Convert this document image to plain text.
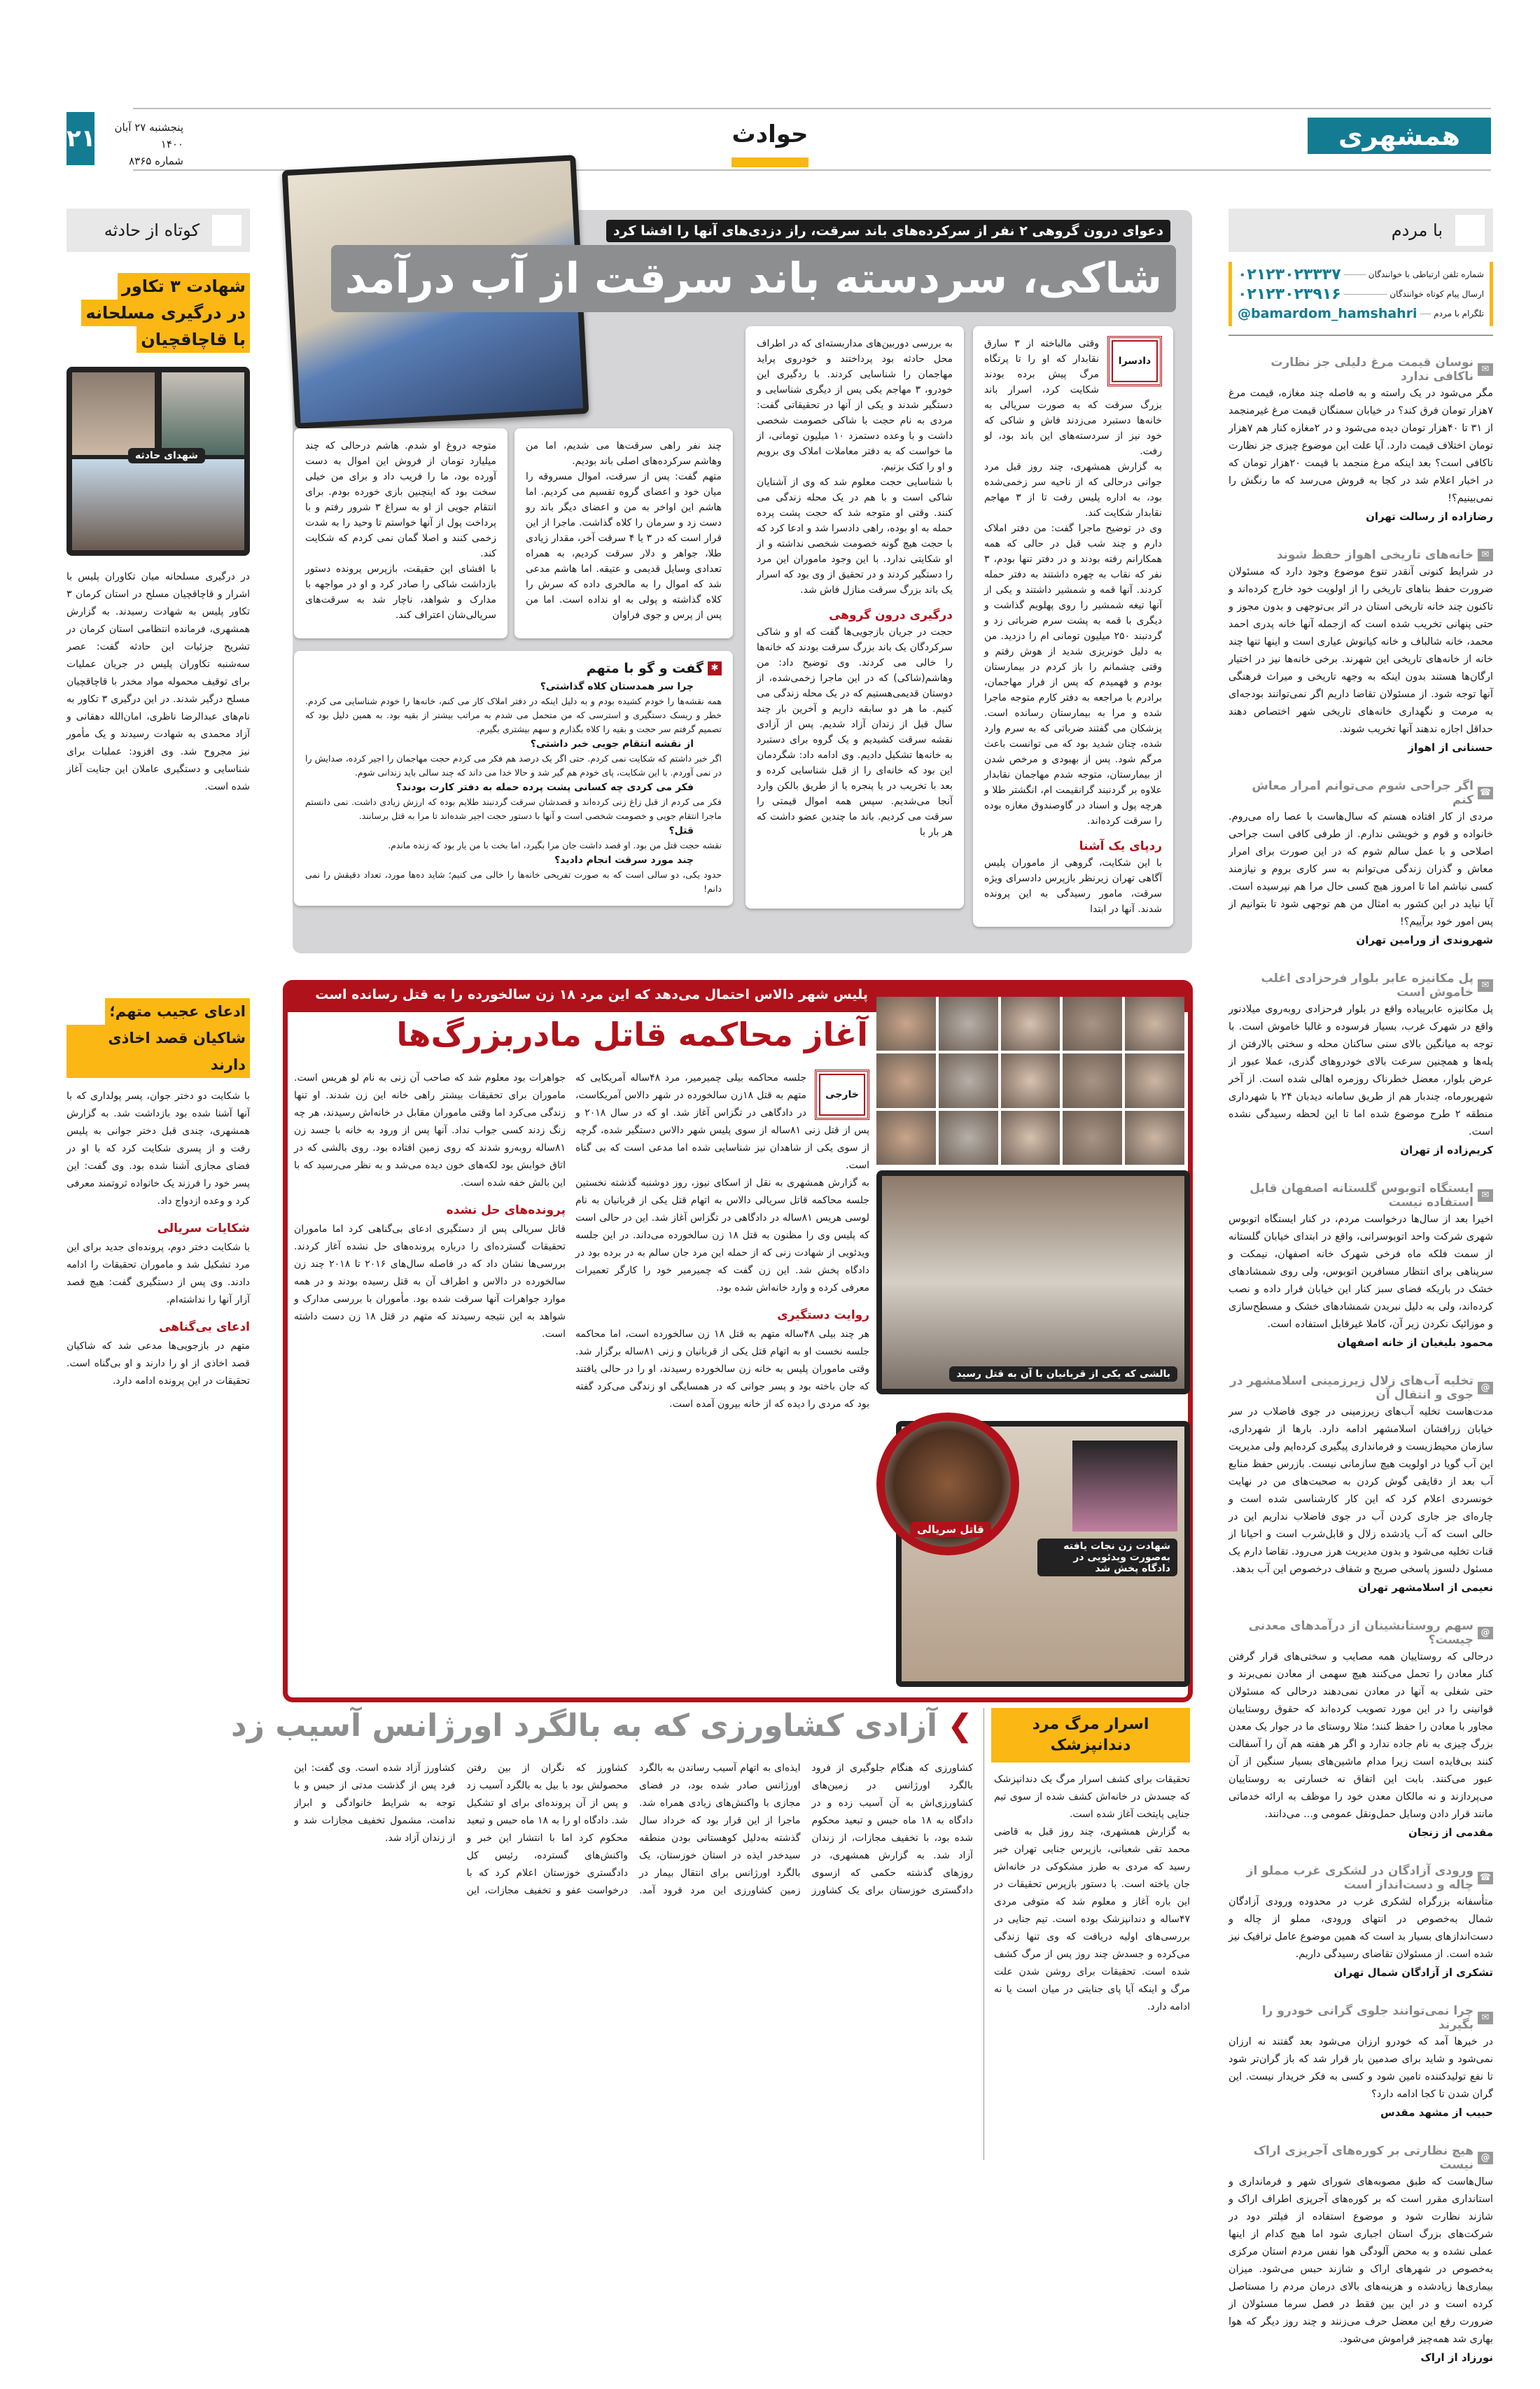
همشهری
حوادث
۲۱	پنجشنبه ۲۷ آبان ۱۴۰۰
شماره ۸۳۶۵
با مردم
شماره تلفن ارتباطی با خوانندگان
۰۲۱۲۳۰۲۳۳۳۷
ارسال پیام کوتاه خوانندگان
۰۲۱۲۳۰۲۳۹۱۶
تلگرام با مردم
@bamardom_hamshahri
✉
نوسان قیمت مرغ دلیلی جز نظارت ناکافی ندارد

مگر می‌شود در یک راسته و به فاصله چند مغازه، قیمت مرغ ۷هزار تومان فرق کند؟ در خیابان سمنگان قیمت مرغ غیرمنجمد از ۳۱ تا ۴۰هزار تومان دیده می‌شود و در ۲مغازه کنار هم ۷هزار تومان اختلاف قیمت دارد. آیا علت این موضوع چیزی جز نظارت ناکافی است؟ بعد اینکه مرغ منجمد با قیمت ۲۰هزار تومان که در اخبار اعلام شد در کجا به فروش می‌رسد که ما رنگش را نمی‌بینیم؟!

رضازاده از رسالت تهران
✉
خانه‌های تاریخی اهواز حفظ شوند

در شرایط کنونی آنقدر تنوع موضوع وجود دارد که مسئولان ضرورت حفظ بناهای تاریخی را از اولویت خود خارج کرده‌اند و تاکنون چند خانه تاریخی استان در اثر بی‌توجهی و بدون مجوز و حتی پنهانی تخریب شده است که ازجمله آنها خانه پدری احمد محمد، خانه شالباف و خانه کیانوش عیاری است و اینها تنها چند خانه از خانه‌های تاریخی این شهرند. برخی خانه‌ها نیز در اختیار ارگان‌ها هستند بدون اینکه به وجهه تاریخی و میراث فرهنگی آنها توجه شود. از مسئولان تقاضا داریم اگر نمی‌توانند بودجه‌ای به مرمت و نگهداری خانه‌های تاریخی شهر اختصاص دهند حداقل اجازه ندهند آنها تخریب شوند.

حسنانی از اهواز
☎
اگر جراحی شوم می‌توانم امرار معاش کنم

مردی از کار افتاده هستم که سال‌هاست با عصا راه می‌روم. خانواده و قوم و خویشی ندارم. از طرفی کافی است جراحی اصلاحی و با عمل سالم شوم که در این صورت برای امرار معاش و گذران زندگی می‌توانم به سر کاری بروم و نیازمند کسی نباشم اما تا امروز هیچ کسی حال مرا هم نپرسیده است. آیا نباید در این کشور به امثال من هم توجهی شود تا بتوانیم از پس امور خود برآییم؟!

شهروندی از ورامین تهران
✉
پل مکانیزه عابر بلوار فرحزادی اغلب خاموش است

پل مکانیزه عابرپیاده واقع در بلوار فرحزادی روبه‌روی میلادنور واقع در شهرک غرب، بسیار فرسوده و غالبا خاموش است. با توجه به میانگین بالای سنی ساکنان محله و سختی بالارفتن از پله‌ها و همچنین سرعت بالای خودروهای گذری، عملا عبور از عرض بلوار، معضل خطرناک روزمره اهالی شده است. از آخر شهریورماه، چندبار هم از طریق سامانه دیدبان ۲۴ با شهرداری منطقه ۲ طرح موضوع شده اما تا این لحظه رسیدگی نشده است.

کریم‌زاده از تهران
✉
ایستگاه اتوبوس گلستانه اصفهان قابل استفاده نیست

اخیرا بعد از سال‌ها درخواست مردم، در کنار ایستگاه اتوبوس شهری شرکت واحد اتوبوسرانی، واقع در ابتدای خیابان گلستانه از سمت فلکه ماه فرخی شهرک خانه اصفهان، نیمکت و سرپناهی برای انتظار مسافرین اتوبوس، ولی روی شمشادهای خشک در باریکه فضای سبز کنار این خیابان قرار داده و نصب کرده‌اند، ولی به دلیل نبریدن شمشادهای خشک و مسطح‌سازی و موزائیک نکردن زیر آن، کاملا غیرقابل استفاده است.

محمود بلیغیان از خانه اصفهان
@
تخلیه آب‌های زلال زیرزمینی اسلامشهر در جوی و انتقال آن

مدت‌هاست تخلیه آب‌های زیرزمینی در جوی فاضلاب در سر خیابان زرافشان اسلامشهر ادامه دارد. بارها از شهرداری، سازمان محیط‌زیست و فرمانداری پیگیری کرده‌ایم ولی مدیریت این آب گویا در اولویت هیچ سازمانی نیست. بازرس حفظ منابع آب بعد از دقایقی گوش کردن به صحبت‌های من در نهایت خونسردی اعلام کرد که این کار کارشناسی شده است و چاره‌ای جز جاری کردن آب در جوی فاضلاب نداریم این در حالی است که آب یادشده زلال و قابل‌شرب است و احیانا از قنات تخلیه می‌شود و بدون مدیریت هرز می‌رود. تقاضا دارم یک مسئول دلسوز پاسخی صریح و شفاف درخصوص این آب بدهد.

نعیمی از اسلامشهر تهران
@
سهم روستانشینان از درآمدهای معدنی چیست؟

درحالی که روستاییان همه مصایب و سختی‌های قرار گرفتن کنار معادن را تحمل می‌کنند هیچ سهمی از معادن نمی‌برند و حتی شغلی به آنها در معادن نمی‌دهند درحالی که مسئولان قوانینی را در این مورد تصویب کرده‌اند که حقوق روستاییان مجاور با معادن را حفظ کنند؛ مثلا روستای ما در جوار یک معدن بزرگ چیزی به نام جاده ندارد و اگر هر هفته هم آن را آسفالت کنند بی‌فایده است زیرا مدام ماشین‌های بسیار سنگین از آن عبور می‌کنند. بابت این اتفاق نه خسارتی به روستاییان می‌پردازند و نه مالکان معدن خود را موظف به ارائه خدماتی مانند قرار دادن وسایل حمل‌ونقل عمومی و... می‌دانند.

مقدمی از زنجان
☎
ورودی آزادگان در لشکری غرب مملو از چاله و دست‌انداز است

متأسفانه بزرگراه لشکری غرب در محدوده ورودی آزادگان شمال به‌خصوص در انتهای ورودی، مملو از چاله و دست‌اندازهای بسیار بد است که همین موضوع عامل ترافیک نیز شده است. از مسئولان تقاضای رسیدگی داریم.

تشکری از آزادگان شمال تهران
✉
چرا نمی‌توانند جلوی گرانی خودرو را بگیرند

در خبرها آمد که خودرو ارزان می‌شود بعد گفتند نه ارزان نمی‌شود و شاید برای صدمین بار قرار شد که باز گران‌تر شود تا نفع تولیدکننده تامین شود و کسی به فکر خریدار نیست. این گران شدن تا کجا ادامه دارد؟

حبیب از مشهد مقدس
@
هیچ نظارتی بر کوره‌های آجرپزی اراک نیست

سال‌هاست که طبق مصوبه‌های شورای شهر و فرمانداری و استانداری مقرر است که بر کوره‌های آجرپزی اطراف اراک و شازند نظارت شود و موضوع استفاده از فیلتر دود در شرکت‌های بزرگ استان اجباری شود اما هیچ کدام از اینها عملی نشده و به محض آلودگی هوا نفس مردم استان مرکزی به‌خصوص در شهرهای اراک و شازند حبس می‌شود. میزان بیماری‌ها زیادشده و هزینه‌های بالای درمان مردم را مستاصل کرده است و در این بین فقط در فصل سرما مسئولان از ضرورت رفع این معضل حرف می‌زنند و چند روز دیگر که هوا بهاری شد همه‌چیز فراموش می‌شود.

نورزاد از اراک
کوتاه از حادثه
شهادت ۳ تکاور
در درگیری مسلحانه
با قاچاقچیان
شهدای حادثه
در درگیری مسلحانه میان تکاوران پلیس با اشرار و قاچاقچیان مسلح در استان کرمان ۳ تکاور پلیس به شهادت رسیدند. به گزارش همشهری، فرمانده انتظامی استان کرمان در تشریح جزئیات این حادثه گفت: عصر سه‌شنبه تکاوران پلیس در جریان عملیات برای توقیف محموله مواد مخدر با قاچاقچیان مسلح درگیر شدند. در این درگیری ۳ تکاور به نام‌های عبدالرضا ناظری، امان‌الله دهقانی و آزاد محمدی به شهادت رسیدند و یک مأمور نیز مجروح شد. وی افزود: عملیات برای شناسایی و دستگیری عاملان این جنایت آغاز شده است.
ادعای عجیب متهم؛
شاکیان قصد اخاذی دارند
با شکایت دو دختر جوان، پسر پولداری که با آنها آشنا شده بود بازداشت شد. به گزارش همشهری، چندی قبل دختر جوانی به پلیس رفت و از پسری شکایت کرد که با او در فضای مجازی آشنا شده بود. وی گفت: این پسر خود را فرزند یک خانواده ثروتمند معرفی کرد و وعده ازدواج داد.
شکایات سریالی
با شکایت دختر دوم، پرونده‌ای جدید برای این مرد تشکیل شد و ماموران تحقیقات را ادامه دادند. وی پس از دستگیری گفت: هیچ قصد آزار آنها را نداشته‌ام.
ادعای بی‌گناهی
متهم در بازجویی‌ها مدعی شد که شاکیان قصد اخاذی از او را دارند و او بی‌گناه است. تحقیقات در این پرونده ادامه دارد.
دعوای درون گروهی ۲ نفر از سرکرده‌های باند سرقت، راز دزدی‌های آنها را افشا کرد
شاکی، سردسته باند سرقت از آب درآمد
دادسرا
وقتی مالباخته از ۳ سارق نقابدار که او را تا پرتگاه مرگ پیش برده بودند شکایت کرد، اسرار باند بزرگ سرقت که به صورت سریالی به خانه‌ها دستبرد می‌زدند فاش و شاکی که خود نیز از سردسته‌های این باند بود، لو رفت.
به گزارش همشهری، چند روز قبل مرد جوانی درحالی که از ناحیه سر زخمی‌شده بود، به اداره پلیس رفت تا از ۳ مهاجم نقابدار شکایت کند.
وی در توضیح ماجرا گفت: من دفتر املاک دارم و چند شب قبل در حالی که همه همکارانم رفته بودند و در دفتر تنها بودم، ۳ نفر که نقاب به چهره داشتند به دفتر حمله کردند. آنها قمه و شمشیر داشتند و یکی از آنها تیغه شمشیر را روی پهلویم گذاشت و دیگری با قمه به پشت سرم ضرباتی زد و گردنبند ۲۵۰ میلیون تومانی ام را دزدید. من به دلیل خونریزی شدید از هوش رفتم و وقتی چشمانم را باز کردم در بیمارستان بودم و فهمیدم که پس از فرار مهاجمان، برادرم با مراجعه به دفتر کارم متوجه ماجرا شده و مرا به بیمارستان رسانده است. پزشکان می گفتند ضرباتی که به سرم وارد شده، چنان شدید بود که می توانست باعث مرگم شود. پس از بهبودی و مرخص شدن از بیمارستان، متوجه شدم مهاجمان نقابدار علاوه بر گردنبند گرانقیمت ام، انگشتر طلا و هرچه پول و اسناد در گاوصندوق مغازه بوده را سرقت کرده‌اند.
ردپای یک آشنا
با این شکایت، گروهی از ماموران پلیس آگاهی تهران زیرنظر بازپرس دادسرای ویژه سرقت، مامور رسیدگی به این پرونده شدند. آنها در ابتدا
به بررسی دوربین‌های مداربسته‌ای که در اطراف محل حادثه بود پرداختند و خودروی پراید مهاجمان را شناسایی کردند. با ردگیری این خودرو، ۳ مهاجم یکی پس از دیگری شناسایی و دستگیر شدند و یکی از آنها در تحقیقاتی گفت: مردی به نام حجت با شاکی خصومت شخصی داشت و با وعده دستمزد ۱۰ میلیون تومانی، از ما خواست که به دفتر معاملات املاک وی برویم و او را کتک بزنیم.
با شناسایی حجت معلوم شد که وی از آشنایان شاکی است و با هم در یک محله زندگی می کنند. وقتی او متوجه شد که حجت پشت پرده حمله به او بوده، راهی دادسرا شد و ادعا کرد که با حجت هیچ گونه خصومت شخصی نداشته و از او شکایتی ندارد. با این وجود ماموران این مرد را دستگیر کردند و در تحقیق از وی بود که اسرار یک باند بزرگ سرقت منازل فاش شد.
درگیری درون گروهی
حجت در جریان بازجویی‌ها گفت که او و شاکی سرکردگان یک باند بزرگ سرقت بودند که خانه‌ها را خالی می کردند. وی توضیح داد: من وهاشم(شاکی) که در این ماجرا زخمی‌شده، از دوستان قدیمی‌هستیم که در یک محله زندگی می کنیم. ما هر دو سابقه داریم و آخرین بار چند سال قبل از زندان آزاد شدیم. پس از آزادی نقشه سرقت کشیدیم و یک گروه برای دستبرد به خانه‌ها تشکیل دادیم. وی ادامه داد: شگردمان این بود که خانه‌ای را از قبل شناسایی کرده و بعد با تخریب در یا پنجره یا از طریق بالکن وارد آنجا می‌شدیم. سپس همه اموال قیمتی را سرقت می کردیم. باند ما چندین عضو داشت که هر بار با
چند نفر راهی سرقت‌ها می شدیم، اما من وهاشم سرکرده‌های اصلی باند بودیم.
متهم گفت: پس از سرقت، اموال مسروقه را میان خود و اعضای گروه تقسیم می کردیم. اما هاشم این اواخر به من و اعضای دیگر باند رو دست زد و سرمان را کلاه گذاشت. ماجرا از این قرار است که در ۳ یا ۴ سرقت آخر، مقدار زیادی طلا، جواهر و دلار سرقت کردیم، به همراه تعدادی وسایل قدیمی و عتیقه. اما هاشم مدعی شد که اموال را به مالخری داده که سرش را کلاه گذاشته و پولی به او نداده است. اما من پس از پرس و جوی فراوان
متوجه دروغ او شدم. هاشم درحالی که چند میلیارد تومان از فروش این اموال به دست آورده بود، ما را فریب داد و برای من خیلی سخت بود که اینچنین بازی خورده بودم. برای انتقام جویی از او به سراغ ۳ شرور رفتم و با پرداخت پول از آنها خواستم تا وحید را به شدت زخمی کنند و اصلا گمان نمی کردم که شکایت کند.
با افشای این حقیقت، بازپرس پرونده دستور بازداشت شاکی را صادر کرد و او در مواجهه با مدارک و شواهد، ناچار شد به سرقت‌های سریالی‌شان اعتراف کند.
✱
گفت و گو با متهم
چرا سر همدستان کلاه گذاشتی؟
همه نقشه‌ها را خودم کشیده بودم و به دلیل اینکه در دفتر املاک کار می کنم، خانه‌ها را خودم شناسایی می کردم. خطر و ریسک دستگیری و استرسی که من متحمل می شدم به مراتب بیشتر از بقیه بود. به همین دلیل بود که تصمیم گرفتم سر حجت و بقیه را کلاه بگذارم و سهم بیشتری بگیرم.
از نقشه انتقام جویی خبر داشتی؟
اگر خبر داشتم که شکایت نمی کردم. حتی اگر یک درصد هم فکر می کردم حجت مهاجمان را اجیر کرده، صدایش را در نمی آوردم. با این شکایت، پای خودم هم گیر شد و حالا خدا می داند که چند سالی باید زندانی شوم.
فکر می کردی چه کسانی پشت پرده حمله به دفتر کارت بودند؟
فکر می کردم از قبل زاغ زنی کرده‌اند و قصدشان سرقت گردنبند طلایم بوده که ارزش زیادی داشت. نمی دانستم ماجرا انتقام جویی و خصومت شخصی است و آنها با دستور حجت اجیر شده‌اند تا مرا به قتل برسانند.
قتل؟
نقشه حجت قتل من بود. او قصد داشت جان مرا بگیرد، اما بخت با من یار بود که زنده ماندم.
چند مورد سرقت انجام دادید؟
حدود یکی، دو سالی است که به صورت تفریحی خانه‌ها را خالی می کنیم؛ شاید ده‌ها مورد، تعداد دقیقش را نمی دانم!
پلیس شهر دالاس احتمال می‌دهد که این مرد ۱۸ زن سالخورده را به قتل رسانده است
آغاز محاکمه قاتل مادربزرگ‌ها
خارجی
جلسه محاکمه بیلی چمیرمیر، مرد ۴۸ساله آمریکایی که متهم به قتل ۱۸زن سالخورده در شهر دالاس آمریکاست، در دادگاهی در تگزاس آغاز شد. او که در سال ۲۰۱۸ و پس از قتل زنی ۸۱ساله از سوی پلیس شهر دالاس دستگیر شده، گرچه از سوی یکی از شاهدان نیز شناسایی شده اما مدعی است که بی گناه است.
به گزارش همشهری به نقل از اسکای نیوز، روز دوشنبه گذشته نخستین جلسه محاکمه قاتل سریالی دالاس به اتهام قتل یکی از قربانیان به نام لوسی هریس ۸۱ساله در دادگاهی در تگزاس آغاز شد. این در حالی است که پلیس وی را مظنون به قتل ۱۸ زن سالخورده می‌داند. در این جلسه ویدئویی از شهادت زنی که از حمله این مرد جان سالم به در برده بود در دادگاه پخش شد. این زن گفت که چمیرمیر خود را کارگر تعمیرات معرفی کرده و وارد خانه‌اش شده بود.
روایت دستگیری
هر چند بیلی ۴۸ساله متهم به قتل ۱۸ زن سالخورده است، اما محاکمه جلسه نخست او به اتهام قتل یکی از قربانیان و زنی ۸۱ساله برگزار شد. وقتی ماموران پلیس به خانه زن سالخورده رسیدند، او را در حالی یافتند که جان باخته بود و پسر جوانی که در همسایگی او زندگی می‌کرد گفته بود که مردی را دیده که از خانه بیرون آمده است.
جواهرات بود معلوم شد که صاحب آن زنی به نام لو هریس است. ماموران برای تحقیقات بیشتر راهی خانه این زن شدند. او تنها زندگی می‌کرد اما وقتی ماموران مقابل در خانه‌اش رسیدند، هر چه زنگ زدند کسی جواب نداد. آنها پس از ورود به خانه با جسد زن ۸۱ساله روبه‌رو شدند که روی زمین افتاده بود. روی بالشی که در اتاق خوابش بود لکه‌های خون دیده می‌شد و به نظر می‌رسید که با این بالش خفه شده است.
پرونده‌های حل نشده
قاتل سریالی پس از دستگیری ادعای بی‌گناهی کرد اما ماموران تحقیقات گسترده‌ای را درباره پرونده‌های حل نشده آغاز کردند. بررسی‌ها نشان داد که در فاصله سال‌های ۲۰۱۶ تا ۲۰۱۸ چند زن سالخورده در دالاس و اطراف آن به قتل رسیده بودند و در همه موارد جواهرات آنها سرقت شده بود. مأموران با بررسی مدارک و شواهد به این نتیجه رسیدند که متهم در قتل ۱۸ زن دست داشته است.
بالشی که یکی از قربانیان با آن به قتل رسید
شهادت زن نجات یافته به‌صورت ویدئویی در دادگاه پخش شد
قاتل سریالی
❯
آزادی کشاورزی که به بالگرد اورژانس آسیب زد
کشاورزی که هنگام جلوگیری از فرود بالگرد اورژانس در زمین‌های کشاورزی‌اش به آن آسیب زده و در دادگاه به ۱۸ ماه حبس و تبعید محکوم شده بود، با تخفیف مجازات، از زندان آزاد شد. به گزارش همشهری، در روزهای گذشته حکمی که ازسوی دادگستری خوزستان برای یک کشاورز ایذه‌ای به اتهام آسیب رساندن به بالگرد اورژانس صادر شده بود، در فضای مجازی با واکنش‌های زیادی همراه شد. ماجرا از این قرار بود که خرداد سال گذشته به‌دلیل کوهستانی بودن منطقه سیدخدر ایذه در استان خوزستان، یک بالگرد اورژانس برای انتقال بیمار در زمین کشاورزی این مرد فرود آمد. کشاورز که نگران از بین رفتن محصولش بود با بیل به بالگرد آسیب زد و پس از آن پرونده‌ای برای او تشکیل شد. دادگاه او را به ۱۸ ماه حبس و تبعید محکوم کرد اما با انتشار این خبر و واکنش‌های گسترده، رئیس کل دادگستری خوزستان اعلام کرد که با درخواست عفو و تخفیف مجازات، این کشاورز آزاد شده است. وی گفت: این فرد پس از گذشت مدتی از حبس و با توجه به شرایط خانوادگی و ابراز ندامت، مشمول تخفیف مجازات شد و از زندان آزاد شد.
اسرار مرگ مرد دندانپزشک
تحقیقات برای کشف اسرار مرگ یک دندانپزشک که جسدش در خانه‌اش کشف شده از سوی تیم جنایی پایتخت آغاز شده است.
به گزارش همشهری، چند روز قبل به قاضی محمد تقی شعبانی، بازپرس جنایی تهران خبر رسید که مردی به طرز مشکوکی در خانه‌اش جان باخته است. با دستور بازپرس تحقیقات در این باره آغاز و معلوم شد که متوفی مردی ۴۷ساله و دندانپزشک بوده است. تیم جنایی در بررسی‌های اولیه دریافت که وی تنها زندگی می‌کرده و جسدش چند روز پس از مرگ کشف شده است. تحقیقات برای روشن شدن علت مرگ و اینکه آیا پای جنایتی در میان است یا نه ادامه دارد.
